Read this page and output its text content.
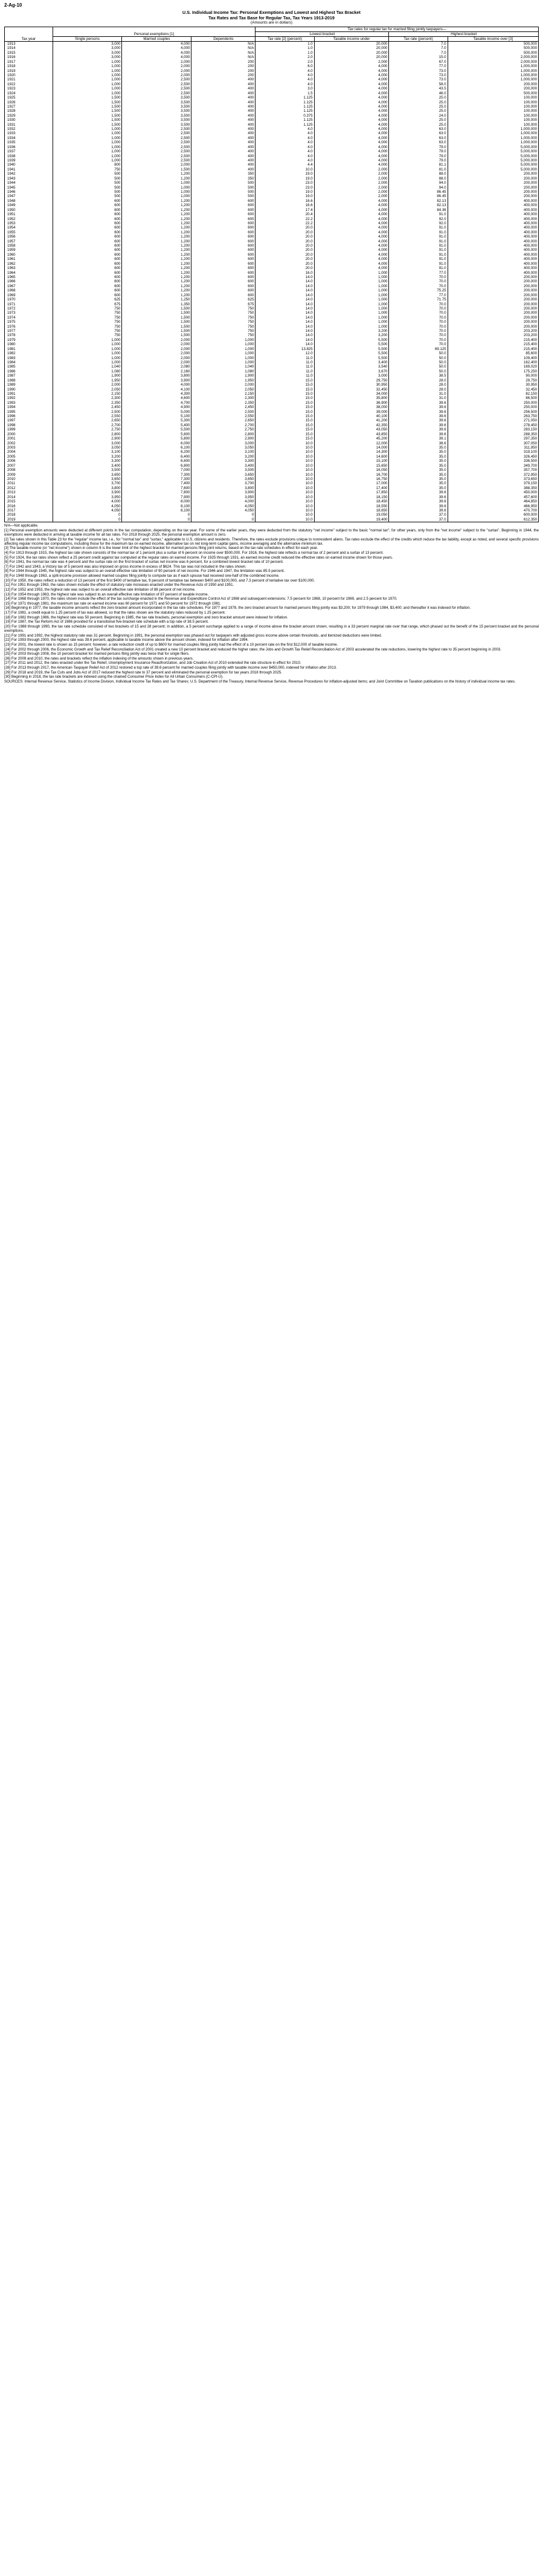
2-Ag-10
U.S. Individual Income Tax: Personal Exemptions and Lowest and Highest Tax Bracket
Tax Rates and Tax Base for Regular Tax, Tax Years 1913-2019
(Amounts are in dollars)
Tax year	Personal exemptions [1]			Tax rates for regular tax for married filing jointly taxpayers—			
				Lowest bracket		Highest bracket	
	Single persons	Married couples	Dependents	Tax rate [2] (percent)	Taxable income under	Tax rate (percent)	Taxable income over [3]
1913	3,000	4,000	N/A	1.0	20,000	7.0	500,000
1914	3,000	4,000	N/A	1.0	20,000	7.0	500,000
1915	3,000	4,000	N/A	1.0	20,000	7.0	500,000
1916	3,000	4,000	N/A	2.0	20,000	15.0	2,000,000
1917	1,000	2,000	200	2.0	2,000	67.0	2,000,000
1918	1,000	2,000	200	6.0	4,000	77.0	1,000,000
1919	1,000	2,000	200	4.0	4,000	73.0	1,000,000
1920	1,000	2,000	200	4.0	4,000	73.0	1,000,000
1921	1,000	2,500	400	4.0	4,000	73.0	1,000,000
1922	1,000	2,500	400	4.0	4,000	58.0	200,000
1923	1,000	2,500	400	3.0	4,000	43.5	200,000
1924	1,000	2,500	400	1.5	4,000	46.0	500,000
1925	1,500	3,500	400	1.125	4,000	25.0	100,000
1926	1,500	3,500	400	1.125	4,000	25.0	100,000
1927	1,500	3,500	400	1.125	4,000	25.0	100,000
1928	1,500	3,500	400	1.125	4,000	25.0	100,000
1929	1,500	3,500	400	0.375	4,000	24.0	100,000
1930	1,500	3,500	400	1.125	4,000	25.0	100,000
1931	1,500	3,500	400	1.125	4,000	25.0	100,000
1932	1,000	2,500	400	4.0	4,000	63.0	1,000,000
1933	1,000	2,500	400	4.0	4,000	63.0	1,000,000
1934	1,000	2,500	400	4.0	4,000	63.0	1,000,000
1935	1,000	2,500	400	4.0	4,000	63.0	1,000,000
1936	1,000	2,500	400	4.0	4,000	79.0	5,000,000
1937	1,000	2,500	400	4.0	4,000	79.0	5,000,000
1938	1,000	2,500	400	4.0	4,000	79.0	5,000,000
1939	1,000	2,500	400	4.0	4,000	79.0	5,000,000
1940	800	2,000	400	4.4	4,000	81.1	5,000,000
1941	750	1,500	400	10.0	2,000	81.0	5,000,000
1942	500	1,200	350	19.0	2,000	88.0	200,000
1943	500	1,200	350	19.0	2,000	88.0	200,000
1944	500	1,000	500	23.0	2,000	94.0	200,000
1945	500	1,000	500	23.0	2,000	94.0	200,000
1946	500	1,000	500	19.0	2,000	86.45	200,000
1947	500	1,000	500	19.0	2,000	86.45	200,000
1948	600	1,200	600	16.6	4,000	82.13	400,000
1949	600	1,200	600	16.6	4,000	82.13	400,000
1950	600	1,200	600	17.4	4,000	84.36	400,000
1951	600	1,200	600	20.4	4,000	91.0	400,000
1952	600	1,200	600	22.2	4,000	92.0	400,000
1953	600	1,200	600	22.2	4,000	92.0	400,000
1954	600	1,200	600	20.0	4,000	91.0	400,000
1955	600	1,200	600	20.0	4,000	91.0	400,000
1956	600	1,200	600	20.0	4,000	91.0	400,000
1957	600	1,200	600	20.0	4,000	91.0	400,000
1958	600	1,200	600	20.0	4,000	91.0	400,000
1959	600	1,200	600	20.0	4,000	91.0	400,000
1960	600	1,200	600	20.0	4,000	91.0	400,000
1961	600	1,200	600	20.0	4,000	91.0	400,000
1962	600	1,200	600	20.0	4,000	91.0	400,000
1963	600	1,200	600	20.0	4,000	91.0	400,000
1964	600	1,200	600	16.0	1,000	77.0	400,000
1965	600	1,200	600	14.0	1,000	70.0	200,000
1966	600	1,200	600	14.0	1,000	70.0	200,000
1967	600	1,200	600	14.0	1,000	70.0	200,000
1968	600	1,200	600	14.0	1,000	75.25	200,000
1969	600	1,200	600	14.0	1,000	77.0	200,000
1970	625	1,250	625	14.0	1,000	71.75	200,000
1971	675	1,350	675	14.0	1,000	70.0	200,000
1972	750	1,500	750	14.0	1,000	70.0	200,000
1973	750	1,500	750	14.0	1,000	70.0	200,000
1974	750	1,500	750	14.0	1,000	70.0	200,000
1975	750	1,500	750	14.0	1,000	70.0	200,000
1976	750	1,500	750	14.0	1,000	70.0	200,000
1977	750	1,500	750	14.0	3,200	70.0	203,200
1978	750	1,500	750	14.0	3,200	70.0	203,200
1979	1,000	2,000	1,000	14.0	5,500	70.0	215,400
1980	1,000	2,000	1,000	14.0	5,500	70.0	215,400
1981	1,000	2,000	1,000	13.825	5,500	69.125	215,400
1982	1,000	2,000	1,000	12.0	5,500	50.0	85,600
1983	1,000	2,000	1,000	11.0	5,500	50.0	109,400
1984	1,000	2,000	1,000	11.0	3,400	50.0	162,400
1985	1,040	2,080	1,040	11.0	3,540	50.0	169,020
1986	1,080	2,160	1,080	11.0	3,670	50.0	175,250
1987	1,900	3,800	1,900	11.0	3,000	38.5	90,000
1988	1,950	3,900	1,950	15.0	29,750	28.0	29,750
1989	2,000	4,000	2,000	15.0	30,950	28.0	30,950
1990	2,050	4,100	2,050	15.0	32,450	28.0	32,450
1991	2,150	4,300	2,150	15.0	34,000	31.0	82,150
1992	2,300	4,600	2,300	15.0	35,800	31.0	86,500
1993	2,350	4,700	2,350	15.0	36,900	39.6	250,000
1994	2,450	4,900	2,450	15.0	38,000	39.6	250,000
1995	2,500	5,000	2,500	15.0	39,000	39.6	256,500
1996	2,550	5,100	2,550	15.0	40,100	39.6	263,750
1997	2,650	5,300	2,650	15.0	41,200	39.6	271,050
1998	2,700	5,400	2,700	15.0	42,350	39.6	278,450
1999	2,750	5,500	2,750	15.0	43,050	39.6	283,150
2000	2,800	5,600	2,800	15.0	43,850	39.6	288,350
2001	2,900	5,800	2,900	15.0	45,200	39.1	297,350
2002	3,000	6,000	3,000	10.0	12,000	38.6	307,050
2003	3,050	6,100	3,050	10.0	14,000	35.0	311,950
2004	3,100	6,200	3,100	10.0	14,300	35.0	319,100
2005	3,200	6,400	3,200	10.0	14,600	35.0	326,450
2006	3,300	6,600	3,300	10.0	15,100	35.0	336,550
2007	3,400	6,800	3,400	10.0	15,650	35.0	349,700
2008	3,500	7,000	3,500	10.0	16,050	35.0	357,700
2009	3,650	7,300	3,650	10.0	16,700	35.0	372,950
2010	3,650	7,300	3,650	10.0	16,750	35.0	373,650
2011	3,700	7,400	3,700	10.0	17,000	35.0	379,150
2012	3,800	7,600	3,800	10.0	17,400	35.0	388,350
2013	3,900	7,800	3,900	10.0	17,850	39.6	450,000
2014	3,950	7,900	3,950	10.0	18,150	39.6	457,600
2015	4,000	8,000	4,000	10.0	18,450	39.6	464,850
2016	4,050	8,100	4,050	10.0	18,550	39.6	466,950
2017	4,050	8,100	4,050	10.0	18,650	39.6	470,700
2018	0	0	0	10.0	19,050	37.0	600,000
2019	0	0	0	10.0	19,400	37.0	612,350

N/A—Not applicable.

[1] Personal exemption amounts were deducted at different points in the tax computation, depending on the tax year. For some of the earlier years, they were deducted from the statutory "net income" subject to the basic "normal tax"; for other years, only from the "net income" subject to the "surtax". Beginning in 1944, the exemptions were deducted in arriving at taxable income for all tax rates. For 2018 through 2025, the personal exemption amount is zero.

[2] Tax rates shown in this Table 23 for the "regular" income tax, i.e., for "normal tax" and "surtax," applicable to U.S. citizens and residents. Therefore, the rates exclude provisions unique to nonresident aliens. Tax rates exclude the effect of the credits which reduce the tax liability, except as noted, and several specific provisions affecting regular income tax computations, including those for the maximum tax on earned income, alternative tax on net long-term capital gains, income averaging and the alternative minimum tax.

[3] The taxable income (or "net income") shown in column 8 is the lower limit of the highest bracket for married persons filing joint returns, based on the tax rate schedules in effect for each year.

[4] For 1913 through 1915, the highest tax rate shown consists of the normal tax of 1 percent plus a surtax of 6 percent on income over $500,000. For 1916, the highest rate reflects a normal tax of 2 percent and a surtax of 13 percent.

[5] For 1924, the tax rates shown reflect a 25 percent credit against tax computed at the regular rates on earned income. For 1925 through 1931, an earned income credit reduced the effective rates on earned income shown for those years.

[6] For 1941, the normal tax rate was 4 percent and the surtax rate on the first bracket of surtax net income was 6 percent, for a combined lowest bracket rate of 10 percent.

[7] For 1942 and 1943, a Victory tax of 5 percent was also imposed on gross income in excess of $624. This tax was not included in the rates shown.

[8] For 1944 through 1945, the highest rate was subject to an overall effective rate limitation of 90 percent of net income. For 1946 and 1947, the limitation was 85.5 percent.

[9] For 1948 through 1963, a split-income provision allowed married couples filing jointly to compute tax as if each spouse had received one-half of the combined income.

[10] For 1950, the rates reflect a reduction of 13 percent of the first $400 of tentative tax, 9 percent of tentative tax between $400 and $100,000, and 7.3 percent of tentative tax over $100,000.

[11] For 1951 through 1963, the rates shown include the effect of statutory rate increases enacted under the Revenue Acts of 1950 and 1951.

[12] For 1952 and 1953, the highest rate was subject to an overall effective rate limitation of 88 percent of net income.

[13] For 1954 through 1963, the highest rate was subject to an overall effective rate limitation of 87 percent of taxable income.

[14] For 1968 through 1970, the rates shown include the effect of the tax surcharge enacted in the Revenue and Expenditure Control Act of 1968 and subsequent extensions: 7.5 percent for 1968, 10 percent for 1969, and 2.5 percent for 1970.

[15] For 1971 through 1981, the maximum tax rate on earned income was 60 percent for 1971 and 50 percent for 1972 through 1981.

[16] Beginning in 1977, the taxable income amounts reflect the zero bracket amount incorporated in the tax rate schedules. For 1977 and 1978, the zero bracket amount for married persons filing jointly was $3,200; for 1979 through 1984, $3,400; and thereafter it was indexed for inflation.

[17] For 1981, a credit equal to 1.25 percent of tax was allowed, so that the rates shown are the statutory rates reduced by 1.25 percent.

[18] For 1982 through 1986, the highest rate was 50 percent. Beginning in 1985, the tax rate brackets, personal exemption and zero bracket amount were indexed for inflation.

[19] For 1987, the Tax Reform Act of 1986 provided for a transitional five-bracket rate schedule with a top rate of 38.5 percent.

[20] For 1988 through 1990, the tax rate schedule consisted of two brackets of 15 and 28 percent; in addition, a 5 percent surcharge applied to a range of income above the bracket amount shown, resulting in a 33 percent marginal rate over that range, which phased out the benefit of the 15 percent bracket and the personal exemptions.

[21] For 1991 and 1992, the highest statutory rate was 31 percent. Beginning in 1991, the personal exemption was phased out for taxpayers with adjusted gross income above certain thresholds, and itemized deductions were limited.

[22] For 1993 through 2000, the highest rate was 39.6 percent, applicable to taxable income above the amount shown, indexed for inflation after 1994.

[23] For 2001, the lowest rate is shown as 15 percent; however, a rate reduction credit of up to $600 for married couples filing jointly had the effect of a 10 percent rate on the first $12,000 of taxable income.

[24] For 2002 through 2006, the Economic Growth and Tax Relief Reconciliation Act of 2001 created a new 10 percent bracket and reduced the higher rates; the Jobs and Growth Tax Relief Reconciliation Act of 2003 accelerated the rate reductions, lowering the highest rate to 35 percent beginning in 2003.

[25] For 2003 through 2008, the 10 percent bracket for married persons filing jointly was twice that for single filers.

[26] For 2009 and 2010, the rates and brackets reflect the inflation indexing of the amounts shown in previous years.

[27] For 2011 and 2012, the rates enacted under the Tax Relief, Unemployment Insurance Reauthorization, and Job Creation Act of 2010 extended the rate structure in effect for 2010.

[28] For 2013 through 2017, the American Taxpayer Relief Act of 2012 restored a top rate of 39.6 percent for married couples filing jointly with taxable income over $450,000, indexed for inflation after 2013.

[29] For 2018 and 2019, the Tax Cuts and Jobs Act of 2017 reduced the highest rate to 37 percent and eliminated the personal exemption for tax years 2018 through 2025.

[30] Beginning in 2018, the tax rate brackets are indexed using the chained Consumer Price Index for All Urban Consumers (C-CPI-U).

SOURCES: Internal Revenue Service, Statistics of Income Division, Individual Income Tax Rates and Tax Shares; U.S. Department of the Treasury, Internal Revenue Service, Revenue Procedures for inflation-adjusted items; and Joint Committee on Taxation publications on the history of individual income tax rates.
